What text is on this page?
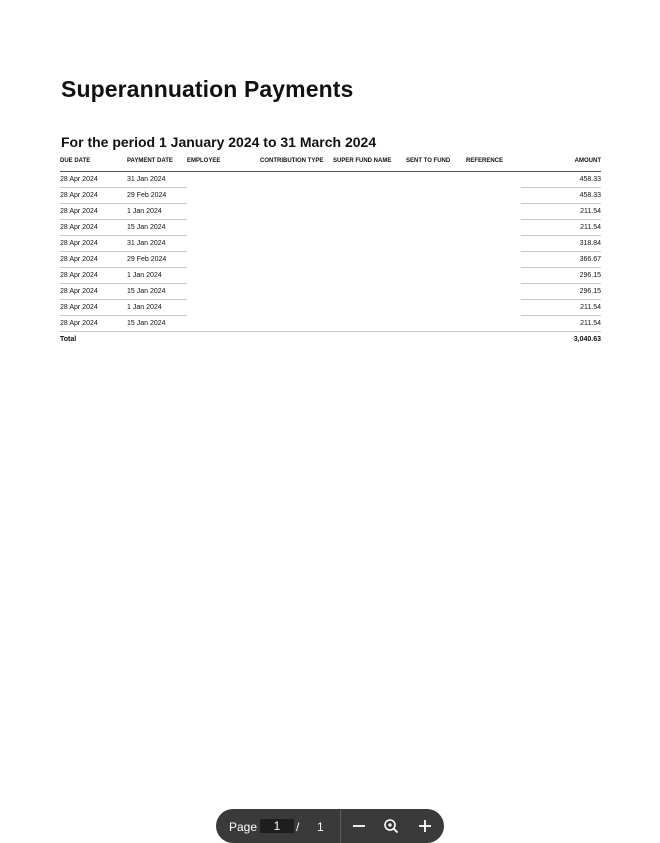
Superannuation Payments
For the period 1 January 2024 to 31 March 2024
DUE DATE	PAYMENT DATE	EMPLOYEE	CONTRIBUTION TYPE	SUPER FUND NAME	SENT TO FUND	REFERENCE	AMOUNT
28 Apr 2024	31 Jan 2024						458.33
28 Apr 2024	29 Feb 2024						458.33
28 Apr 2024	1 Jan 2024						211.54
28 Apr 2024	15 Jan 2024						211.54
28 Apr 2024	31 Jan 2024						318.84
28 Apr 2024	29 Feb 2024						366.67
28 Apr 2024	1 Jan 2024						296.15
28 Apr 2024	15 Jan 2024						296.15
28 Apr 2024	1 Jan 2024						211.54
28 Apr 2024	15 Jan 2024						211.54
Total							3,040.63
Page
1	/ 1
